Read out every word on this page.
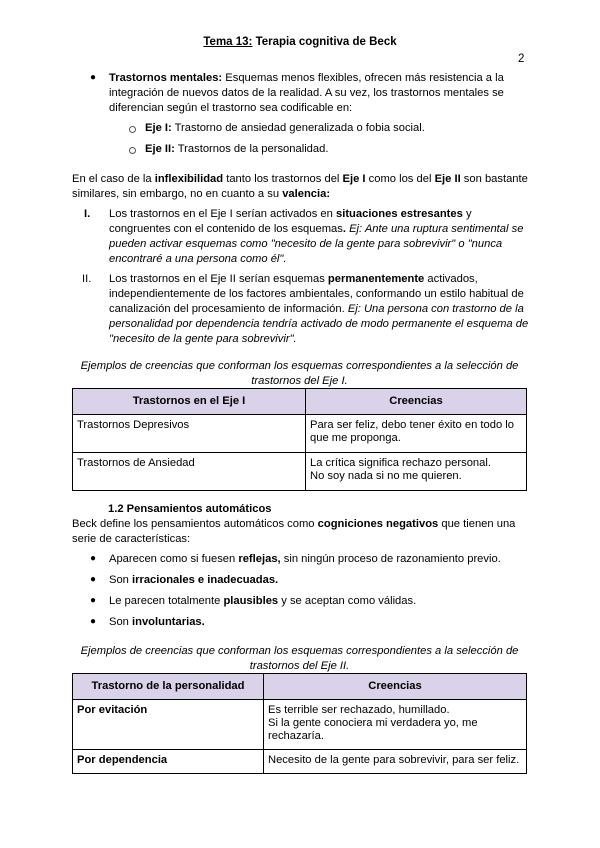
Tema 13: Terapia cognitiva de Beck
2
● Trastornos mentales: Esquemas menos flexibles, ofrecen más resistencia a la
integración de nuevos datos de la realidad. A su vez, los trastornos mentales se
diferencian según el trastorno sea codificable en:
Eje I: Trastorno de ansiedad generalizada o fobia social.
Eje II: Trastornos de la personalidad.
En el caso de la inflexibilidad tanto los trastornos del Eje I como los del Eje II son bastante
similares, sin embargo, no en cuanto a su valencia:
I. Los trastornos en el Eje I serían activados en situaciones estresantes y
congruentes con el contenido de los esquemas. Ej: Ante una ruptura sentimental se
pueden activar esquemas como "necesito de la gente para sobrevivir" o "nunca
encontraré a una persona como él".
II. Los trastornos en el Eje II serían esquemas permanentemente activados,
independientemente de los factores ambientales, conformando un estilo habitual de
canalización del procesamiento de información. Ej: Una persona con trastorno de la
personalidad por dependencia tendría activado de modo permanente el esquema de
"necesito de la gente para sobrevivir".
Ejemplos de creencias que conforman los esquemas correspondientes a la selección de
trastornos del Eje I.
Trastornos en el Eje I	Creencias
Trastornos Depresivos	Para ser feliz, debo tener éxito en todo lo
que me proponga.

Trastornos de Ansiedad	La crítica significa rechazo personal.
No soy nada si no me quieren.
1.2 Pensamientos automáticos
Beck define los pensamientos automáticos como cogniciones negativos que tienen una
serie de características:
● Aparecen como si fuesen reflejas, sin ningún proceso de razonamiento previo.
● Son irracionales e inadecuadas.
● Le parecen totalmente plausibles y se aceptan como válidas.
● Son involuntarias.
Ejemplos de creencias que conforman los esquemas correspondientes a la selección de
trastornos del Eje II.
Trastorno de la personalidad	Creencias
Por evitación	Es terrible ser rechazado, humillado.
Si la gente conociera mi verdadera yo, me
rechazaría.

Por dependencia	Necesito de la gente para sobrevivir, para ser feliz.
